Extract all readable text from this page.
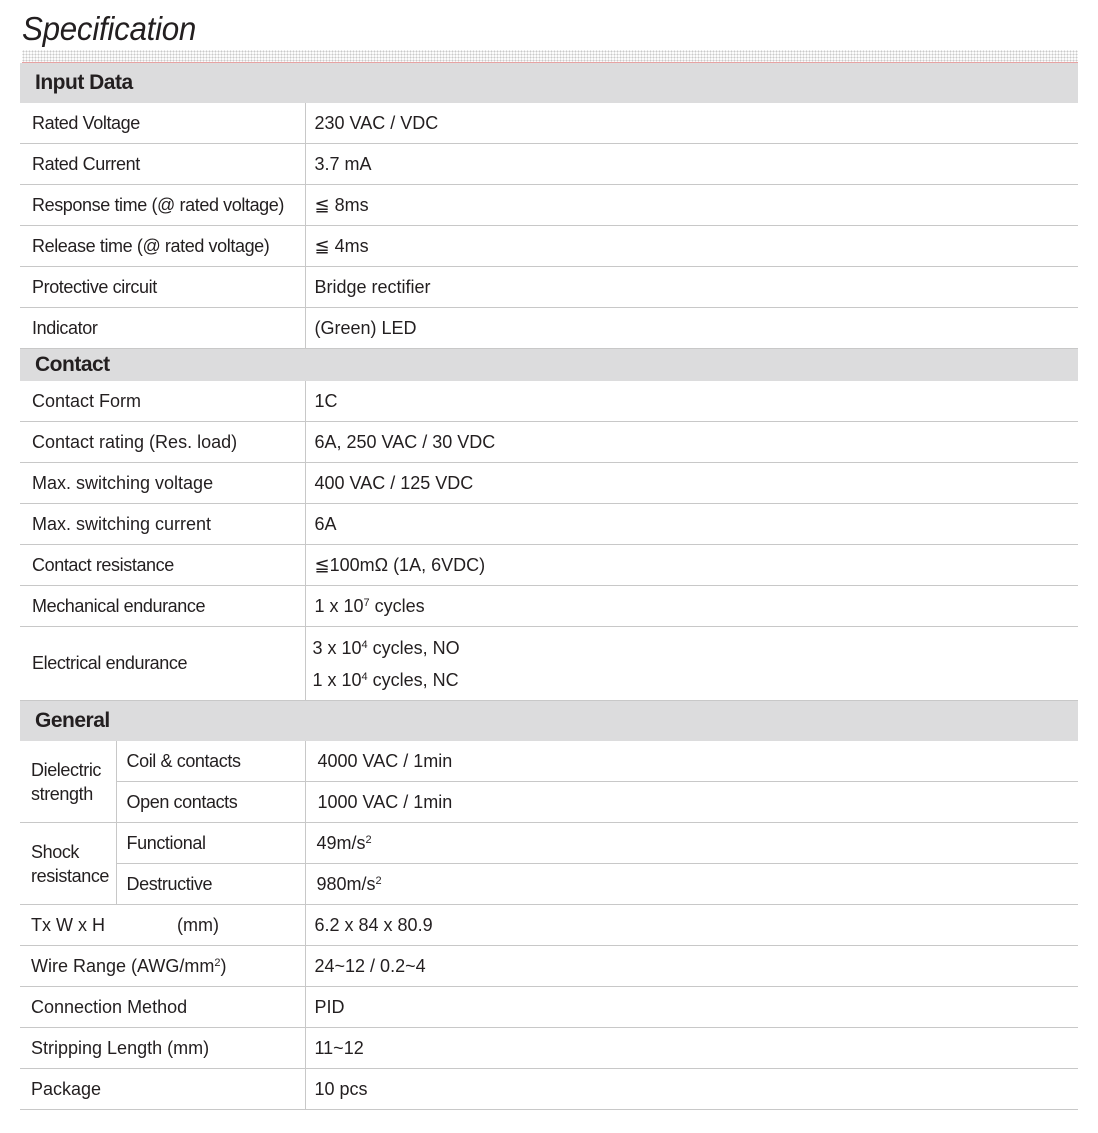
Specification
Input Data		
Rated Voltage		230 VAC / VDC
Rated Current		3.7 mA
Response time (@ rated voltage)		≦ 8ms
Release time (@ rated voltage)		≦ 4ms
Protective circuit		Bridge rectifier
Indicator		(Green) LED
Contact		
Contact Form		1C
Contact rating (Res. load)		6A, 250 VAC / 30 VDC
Max. switching voltage		400 VAC / 125 VDC
Max. switching current		6A
Contact resistance		≦100mΩ (1A, 6VDC)
Mechanical endurance		1 x $10^7$ cycles
Electrical endurance		3 x $10^4$ cycles, NO
1 x $10^4$ cycles, NC

General		

Dielectric
strength	Coil & contacts	4000 VAC / 1min
	Open contacts	1000 VAC / 1min

Shock
resistance	Functional	$49m/s^2$
	Destructive	$980m/s^2$
Tx W x H (mm)		6.2 x 84 x 80.9
Wire Range $(AWG/mm^2)$		24~12 / 0.2~4
Connection Method		PID
Stripping Length (mm)		11~12
Package		10 pcs
